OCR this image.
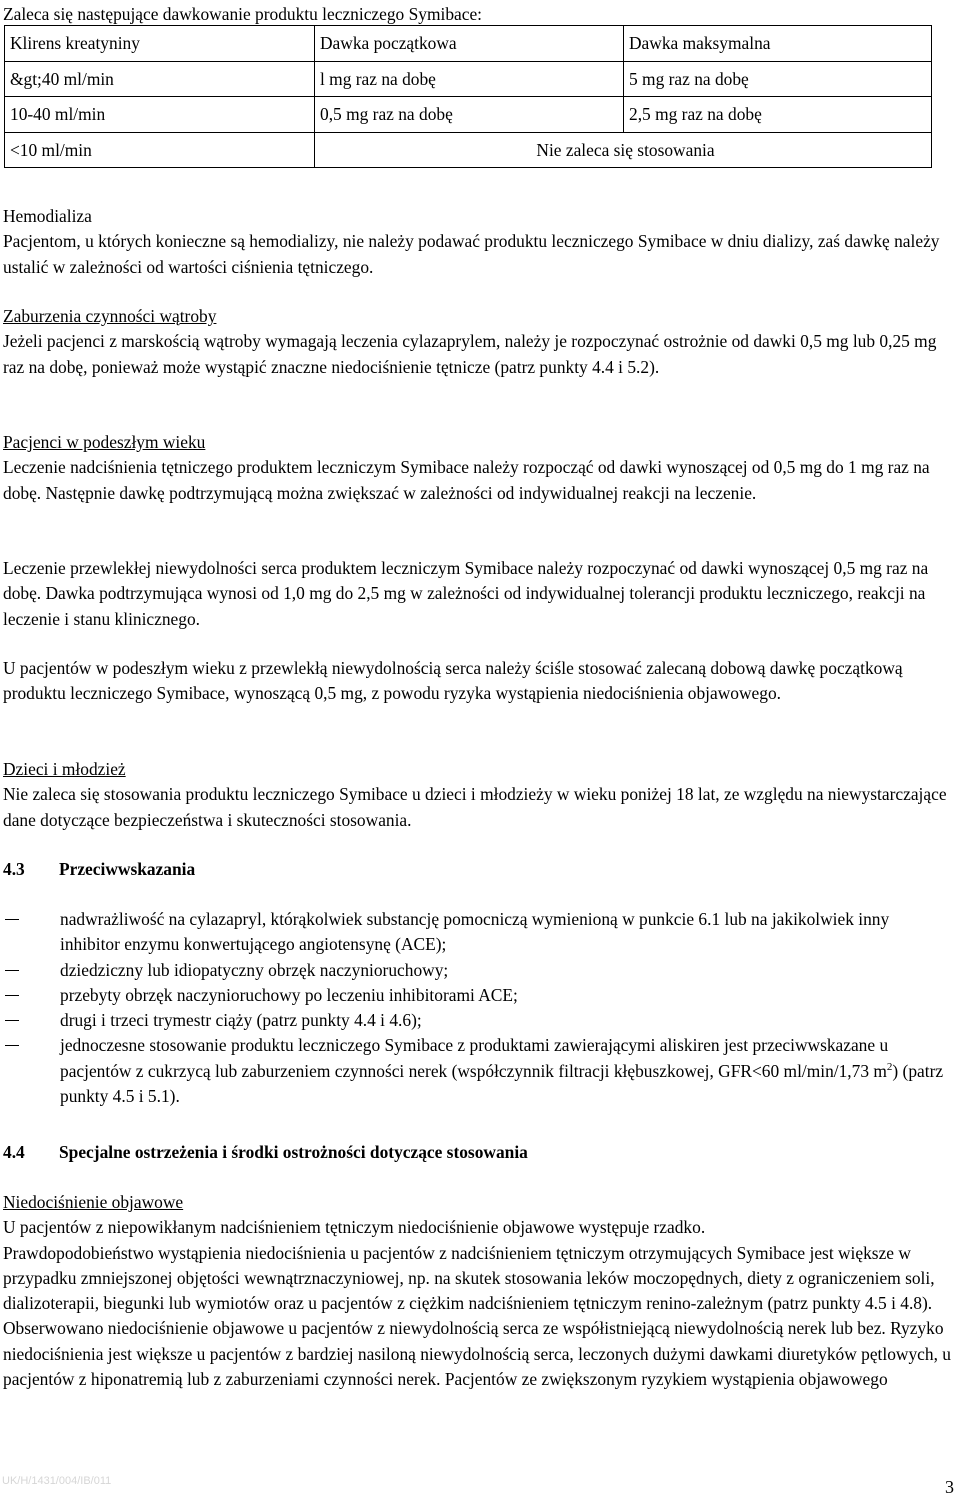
Zaleca się następujące dawkowanie produktu leczniczego Symibace:

Klirens kreatyniny	Dawka początkowa	Dawka maksymalna
&gt;40 ml/min	l mg raz na dobę	5 mg raz na dobę
10-40 ml/min	0,5 mg raz na dobę	2,5 mg raz na dobę
<10 ml/min	Nie zaleca się stosowania	

Hemodializa

Pacjentom, u których konieczne są hemodializy, nie należy podawać produktu leczniczego Symibace w dniu dializy, zaś dawkę należy ustalić w zależności od wartości ciśnienia tętniczego.

Zaburzenia czynności wątroby

Jeżeli pacjenci z marskością wątroby wymagają leczenia cylazaprylem, należy je rozpoczynać ostrożnie od dawki 0,5 mg lub 0,25 mg raz na dobę, ponieważ może wystąpić znaczne niedociśnienie tętnicze (patrz punkty 4.4 i 5.2).

Pacjenci w podeszłym wieku

Leczenie nadciśnienia tętniczego produktem leczniczym Symibace należy rozpocząć od dawki wynoszącej od 0,5 mg do 1 mg raz na dobę. Następnie dawkę podtrzymującą można zwiększać w zależności od indywidualnej reakcji na leczenie.

Leczenie przewlekłej niewydolności serca produktem leczniczym Symibace należy rozpoczynać od dawki wynoszącej 0,5 mg raz na dobę. Dawka podtrzymująca wynosi od 1,0 mg do 2,5 mg w zależności od indywidualnej tolerancji produktu leczniczego, reakcji na leczenie i stanu klinicznego.

U pacjentów w podeszłym wieku z przewlekłą niewydolnością serca należy ściśle stosować zalecaną dobową dawkę początkową produktu leczniczego Symibace, wynoszącą 0,5 mg, z powodu ryzyka wystąpienia niedociśnienia objawowego.

Dzieci i młodzież

Nie zaleca się stosowania produktu leczniczego Symibace u dzieci i młodzieży w wieku poniżej 18 lat, ze względu na niewystarczające dane dotyczące bezpieczeństwa i skuteczności stosowania.

4.3 Przeciwwskazania

nadwrażliwość na cylazapryl, którąkolwiek substancję pomocniczą wymienioną w punkcie 6.1 lub na jakikolwiek inny inhibitor enzymu konwertującego angiotensynę (ACE);
dziedziczny lub idiopatyczny obrzęk naczynioruchowy;
przebyty obrzęk naczynioruchowy po leczeniu inhibitorami ACE;
drugi i trzeci trymestr ciąży (patrz punkty 4.4 i 4.6);
jednoczesne stosowanie produktu leczniczego Symibace z produktami zawierającymi aliskiren jest przeciwwskazane u pacjentów z cukrzycą lub zaburzeniem czynności nerek (współczynnik filtracji kłębuszkowej, GFR<60 ml/min/1,73 $m^2$) (patrz punkty 4.5 i 5.1).

4.4 Specjalne ostrzeżenia i środki ostrożności dotyczące stosowania

Niedociśnienie objawowe

U pacjentów z niepowikłanym nadciśnieniem tętniczym niedociśnienie objawowe występuje rzadko.

Prawdopodobieństwo wystąpienia niedociśnienia u pacjentów z nadciśnieniem tętniczym otrzymujących Symibace jest większe w przypadku zmniejszonej objętości wewnątrznaczyniowej, np. na skutek stosowania leków moczopędnych, diety z ograniczeniem soli, dializoterapii, biegunki lub wymiotów oraz u pacjentów z ciężkim nadciśnieniem tętniczym renino-zależnym (patrz punkty 4.5 i 4.8).

Obserwowano niedociśnienie objawowe u pacjentów z niewydolnością serca ze współistniejącą niewydolnością nerek lub bez. Ryzyko niedociśnienia jest większe u pacjentów z bardziej nasiloną niewydolnością serca, leczonych dużymi dawkami diuretyków pętlowych, u pacjentów z hiponatremią lub z zaburzeniami czynności nerek. Pacjentów ze zwiększonym ryzykiem wystąpienia objawowego

UK/H/1431/004/IB/011	3
